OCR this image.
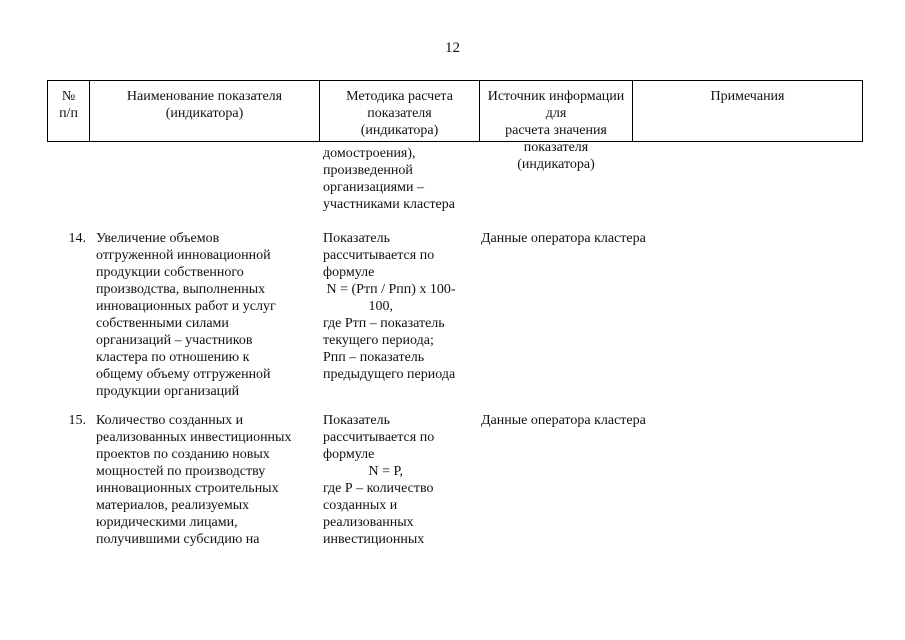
12
№
п/п
Наименование показателя
(индикатора)
Методика расчета
показателя
(индикатора)
Источник информации для
расчета значения показателя
(индикатора)
Примечания
домостроения),
произведенной
организациями –
участниками кластера
14. Увеличение объемов
отгруженной инновационной
продукции собственного
производства, выполненных
инновационных работ и услуг
собственными силами
организаций – участников
кластера по отношению к
общему объему отгруженной
продукции организаций
Показатель
рассчитывается по
формуле
N = (Ртп / Рпп) х 100-
100,
где Ртп – показатель
текущего периода;
Рпп – показатель
предыдущего периода
Данные оператора кластера
15. Количество созданных и
реализованных инвестиционных
проектов по созданию новых
мощностей по производству
инновационных строительных
материалов, реализуемых
юридическими лицами,
получившими субсидию на
Показатель
рассчитывается по
формуле
N = Р,
где Р – количество
созданных и
реализованных
инвестиционных
Данные оператора кластера
